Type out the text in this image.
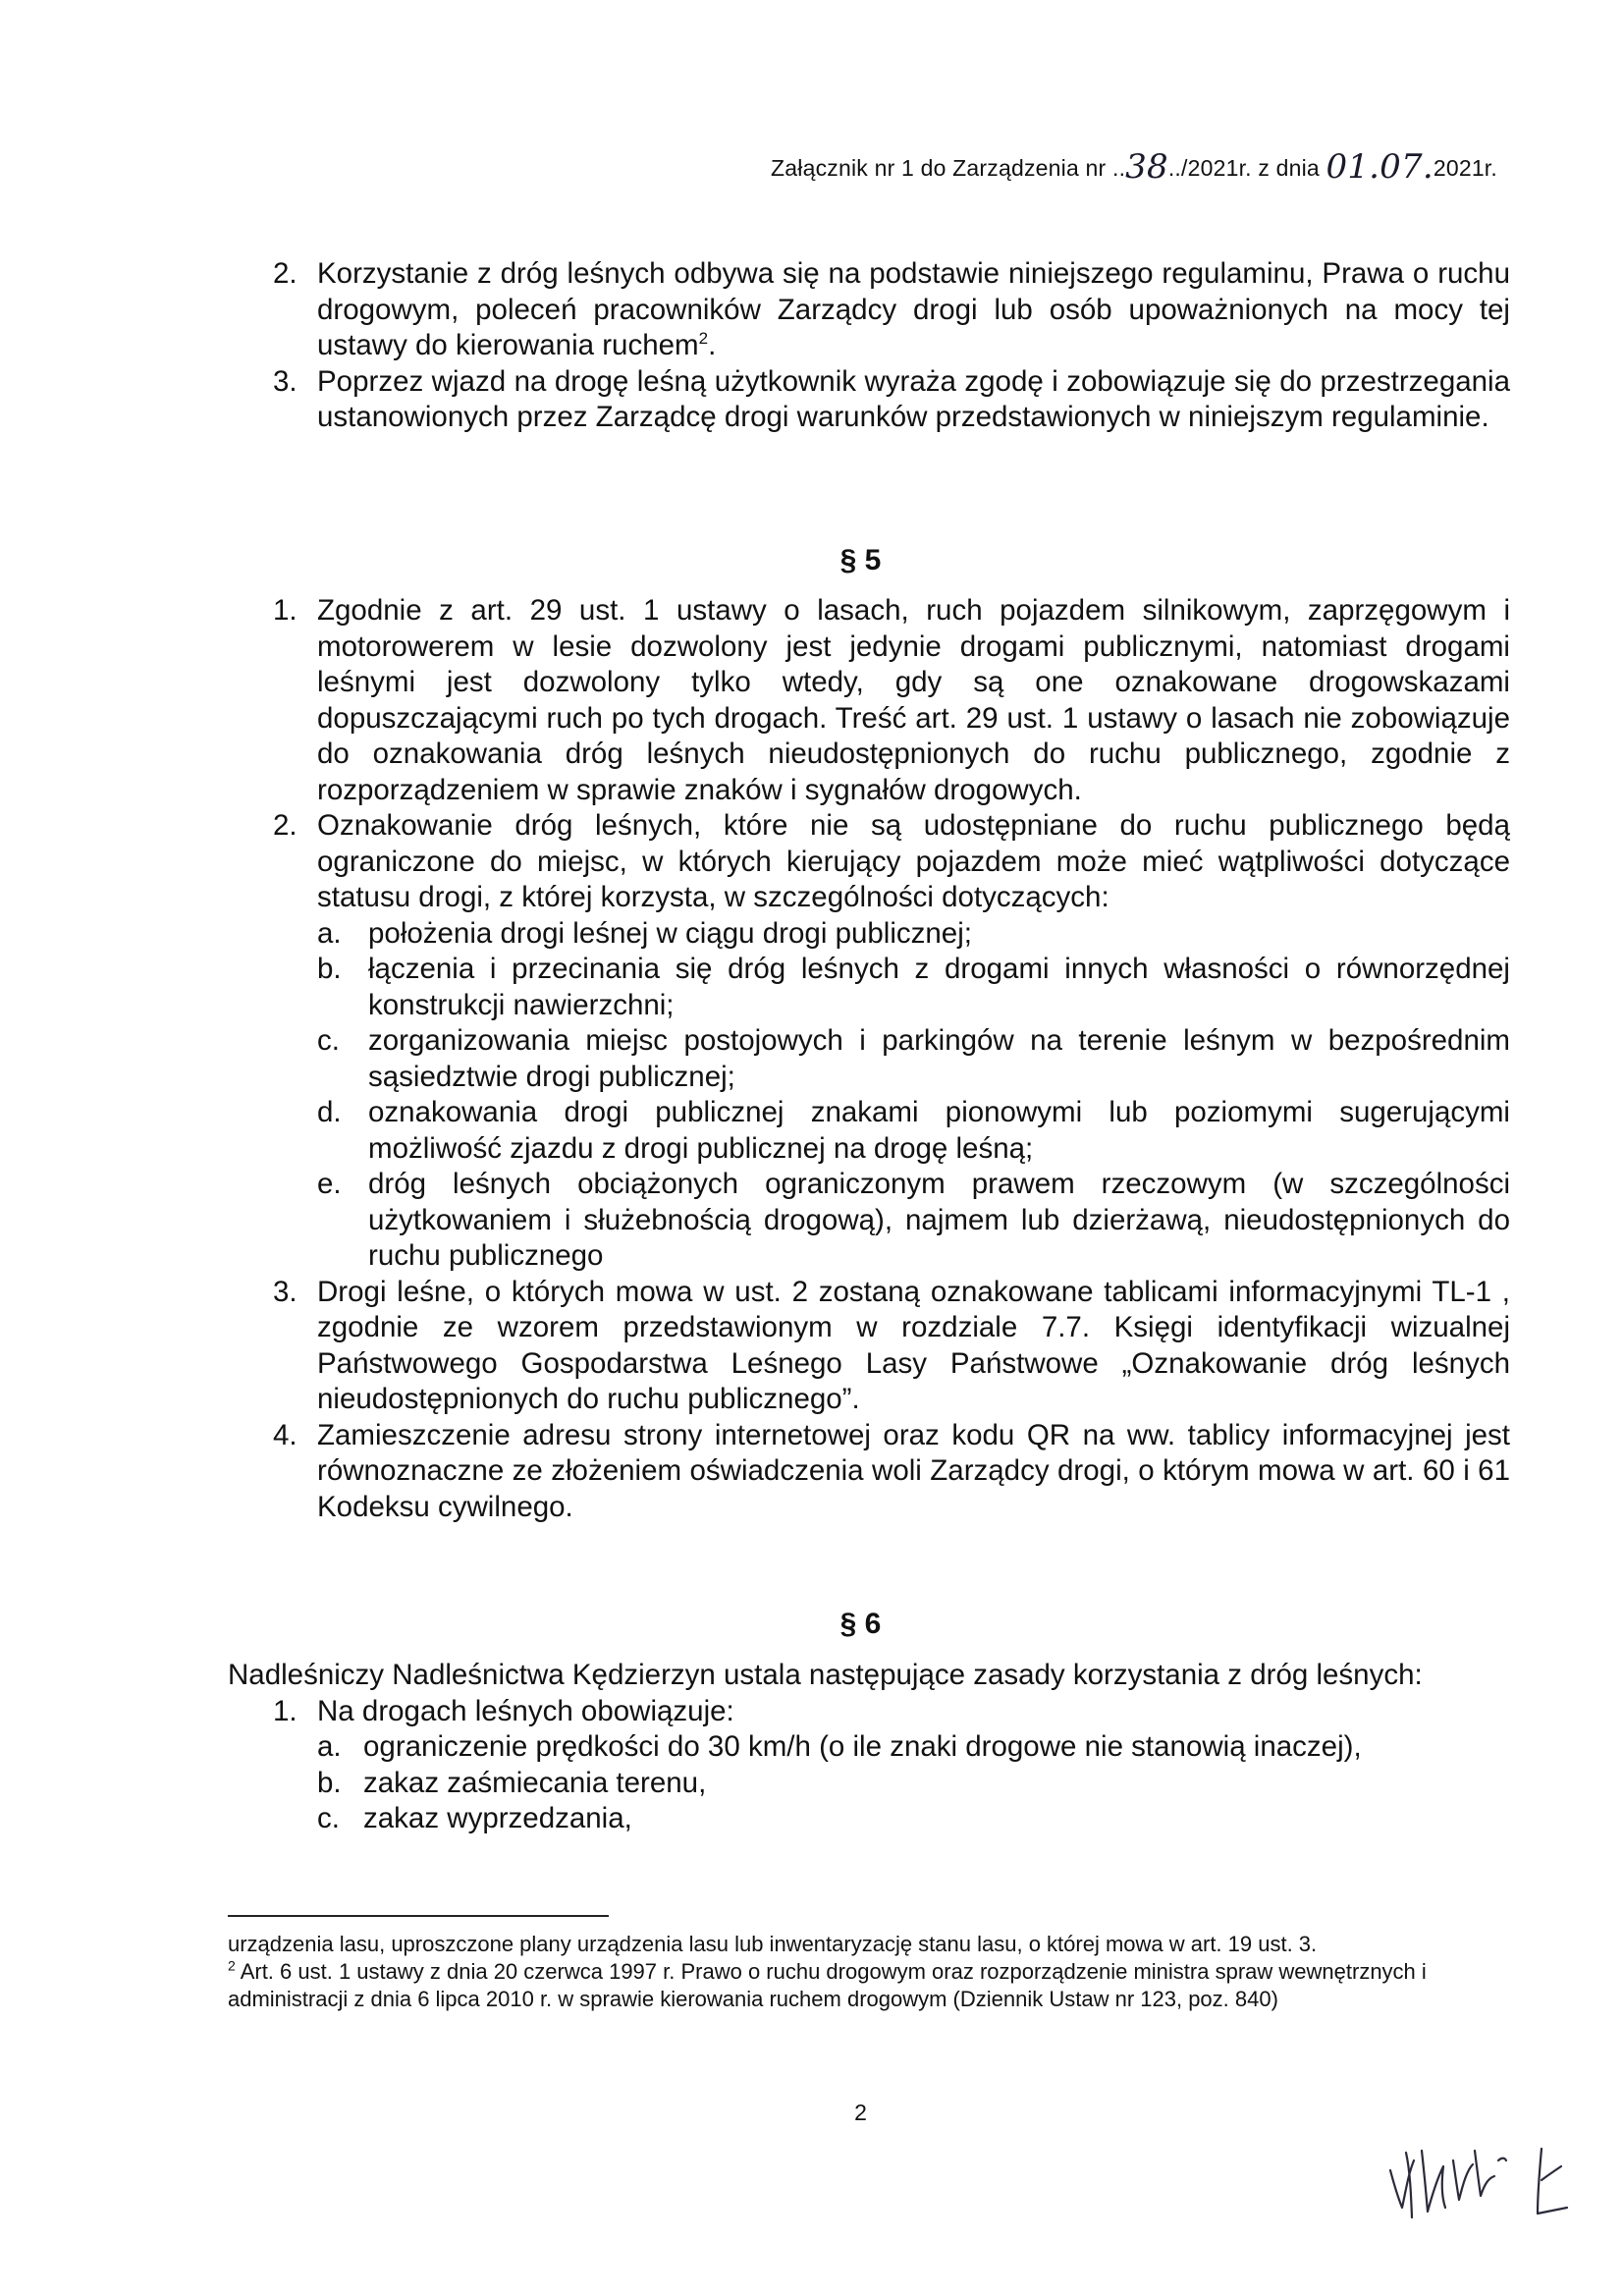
Załącznik nr 1 do Zarządzenia nr ..38../2021r. z dnia 01.07.2021r.
2. Korzystanie z dróg leśnych odbywa się na podstawie niniejszego regulaminu, Prawa o ruchu drogowym, poleceń pracowników Zarządcy drogi lub osób upoważnionych na mocy tej ustawy do kierowania ruchem$^2$.
3. Poprzez wjazd na drogę leśną użytkownik wyraża zgodę i zobowiązuje się do przestrzegania ustanowionych przez Zarządcę drogi warunków przedstawionych w niniejszym regulaminie.
§ 5
1. Zgodnie z art. 29 ust. 1 ustawy o lasach, ruch pojazdem silnikowym, zaprzęgowym i motorowerem w lesie dozwolony jest jedynie drogami publicznymi, natomiast drogami leśnymi jest dozwolony tylko wtedy, gdy są one oznakowane drogowskazami dopuszczającymi ruch po tych drogach. Treść art. 29 ust. 1 ustawy o lasach nie zobowiązuje do oznakowania dróg leśnych nieudostępnionych do ruchu publicznego, zgodnie z rozporządzeniem w sprawie znaków i sygnałów drogowych.
2. Oznakowanie dróg leśnych, które nie są udostępniane do ruchu publicznego będą ograniczone do miejsc, w których kierujący pojazdem może mieć wątpliwości dotyczące statusu drogi, z której korzysta, w szczególności dotyczących:
a. położenia drogi leśnej w ciągu drogi publicznej;
b. łączenia i przecinania się dróg leśnych z drogami innych własności o równorzędnej konstrukcji nawierzchni;
c. zorganizowania miejsc postojowych i parkingów na terenie leśnym w bezpośrednim sąsiedztwie drogi publicznej;
d. oznakowania drogi publicznej znakami pionowymi lub poziomymi sugerującymi możliwość zjazdu z drogi publicznej na drogę leśną;
e. dróg leśnych obciążonych ograniczonym prawem rzeczowym (w szczególności użytkowaniem i służebnością drogową), najmem lub dzierżawą, nieudostępnionych do ruchu publicznego
3. Drogi leśne, o których mowa w ust. 2 zostaną oznakowane tablicami informacyjnymi TL-1 , zgodnie ze wzorem przedstawionym w rozdziale 7.7. Księgi identyfikacji wizualnej Państwowego Gospodarstwa Leśnego Lasy Państwowe „Oznakowanie dróg leśnych nieudostępnionych do ruchu publicznego”.
4. Zamieszczenie adresu strony internetowej oraz kodu QR na ww. tablicy informacyjnej jest równoznaczne ze złożeniem oświadczenia woli Zarządcy drogi, o którym mowa w art. 60 i 61 Kodeksu cywilnego.
§ 6
Nadleśniczy Nadleśnictwa Kędzierzyn ustala następujące zasady korzystania z dróg leśnych:
1. Na drogach leśnych obowiązuje:
a. ograniczenie prędkości do 30 km/h (o ile znaki drogowe nie stanowią inaczej),
b. zakaz zaśmiecania terenu,
c. zakaz wyprzedzania,

urządzenia lasu, uproszczone plany urządzenia lasu lub inwentaryzację stanu lasu, o której mowa w art. 19 ust. 3.

$^2$ Art. 6 ust. 1 ustawy z dnia 20 czerwca 1997 r. Prawo o ruchu drogowym oraz rozporządzenie ministra spraw wewnętrznych i administracji z dnia 6 lipca 2010 r. w sprawie kierowania ruchem drogowym (Dziennik Ustaw nr 123, poz. 840)

2
